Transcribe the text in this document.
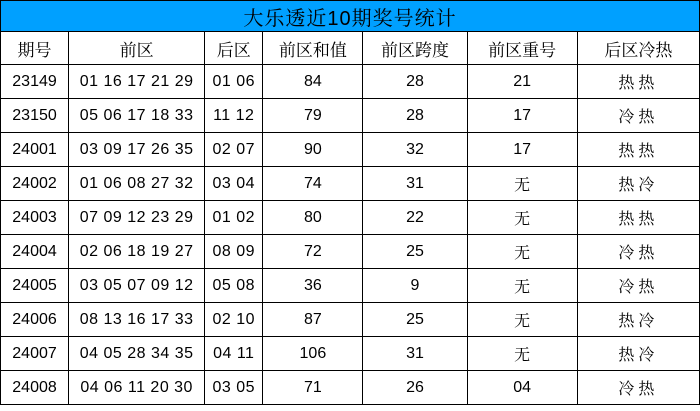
大乐透近10期奖号统计						
期号	前区	后区	前区和值	前区跨度	前区重号	后区冷热
23149	01 16 17 21 29	01 06	84	28	21	热热
23150	05 06 17 18 33	11 12	79	28	17	冷热
24001	03 09 17 26 35	02 07	90	32	17	热热
24002	01 06 08 27 32	03 04	74	31	无	热冷
24003	07 09 12 23 29	01 02	80	22	无	热热
24004	02 06 18 19 27	08 09	72	25	无	冷热
24005	03 05 07 09 12	05 08	36	9	无	冷热
24006	08 13 16 17 33	02 10	87	25	无	热冷
24007	04 05 28 34 35	04 11	106	31	无	热冷
24008	04 06 11 20 30	03 05	71	26	04	冷热
